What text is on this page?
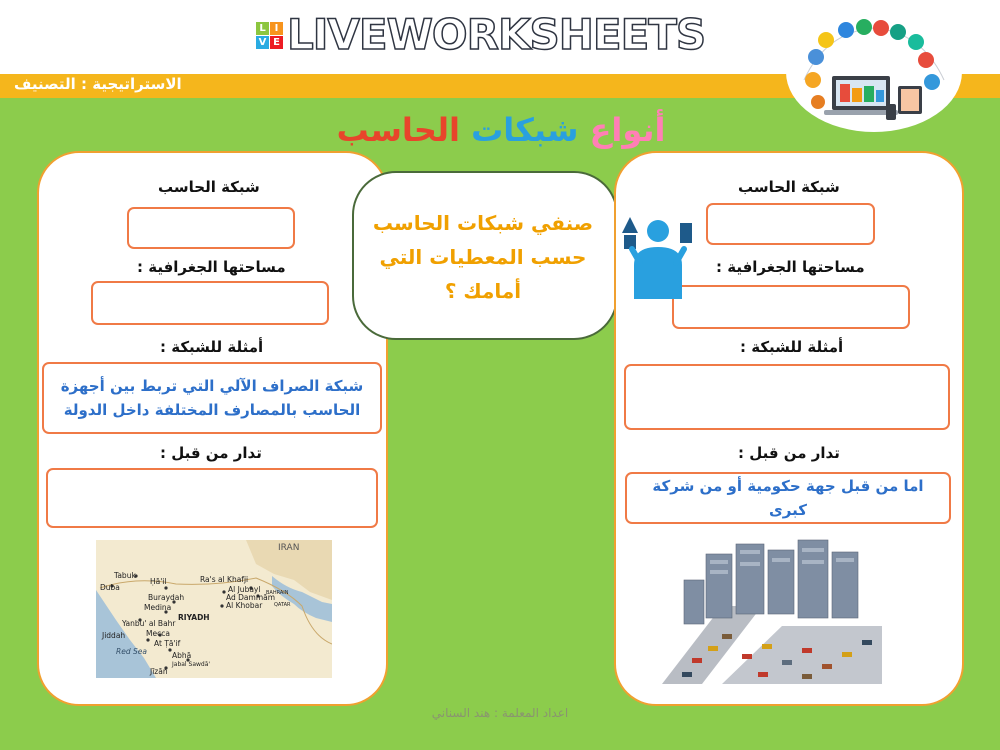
L I
V E LIVEWORKSHEETS
الاستراتيجية : التصنيف
أنواع شبكات الحاسب
شبكة الحاسب
مساحتها الجغرافية :
أمثلة للشبكة :
شبكة الصراف الآلي التي تربط بين أجهزة الحاسب بالمصارف المختلفة داخل الدولة
تدار من قبل :
IRAN
Tabuk
Duba
Ḥā'il	Ra's al Khafji
Al Jubayl
Ad Dammām
BAHRAIN
Buraydah
Al Khobar QATAR
Medina
RIYADH
Yanbu' al Bahr
Jiddah	Mecca
At Ṭā'if
Red Sea	Abhā
Jabal Sawdā'
Jīzān
صنفي شبكات الحاسب حسب المعطيات التي أمامك ؟
شبكة الحاسب
مساحتها الجغرافية :
أمثلة للشبكة :
تدار من قبل :
اما من قبل جهة حكومية أو من شركة كبرى
اعداد المعلمة : هند السناني
